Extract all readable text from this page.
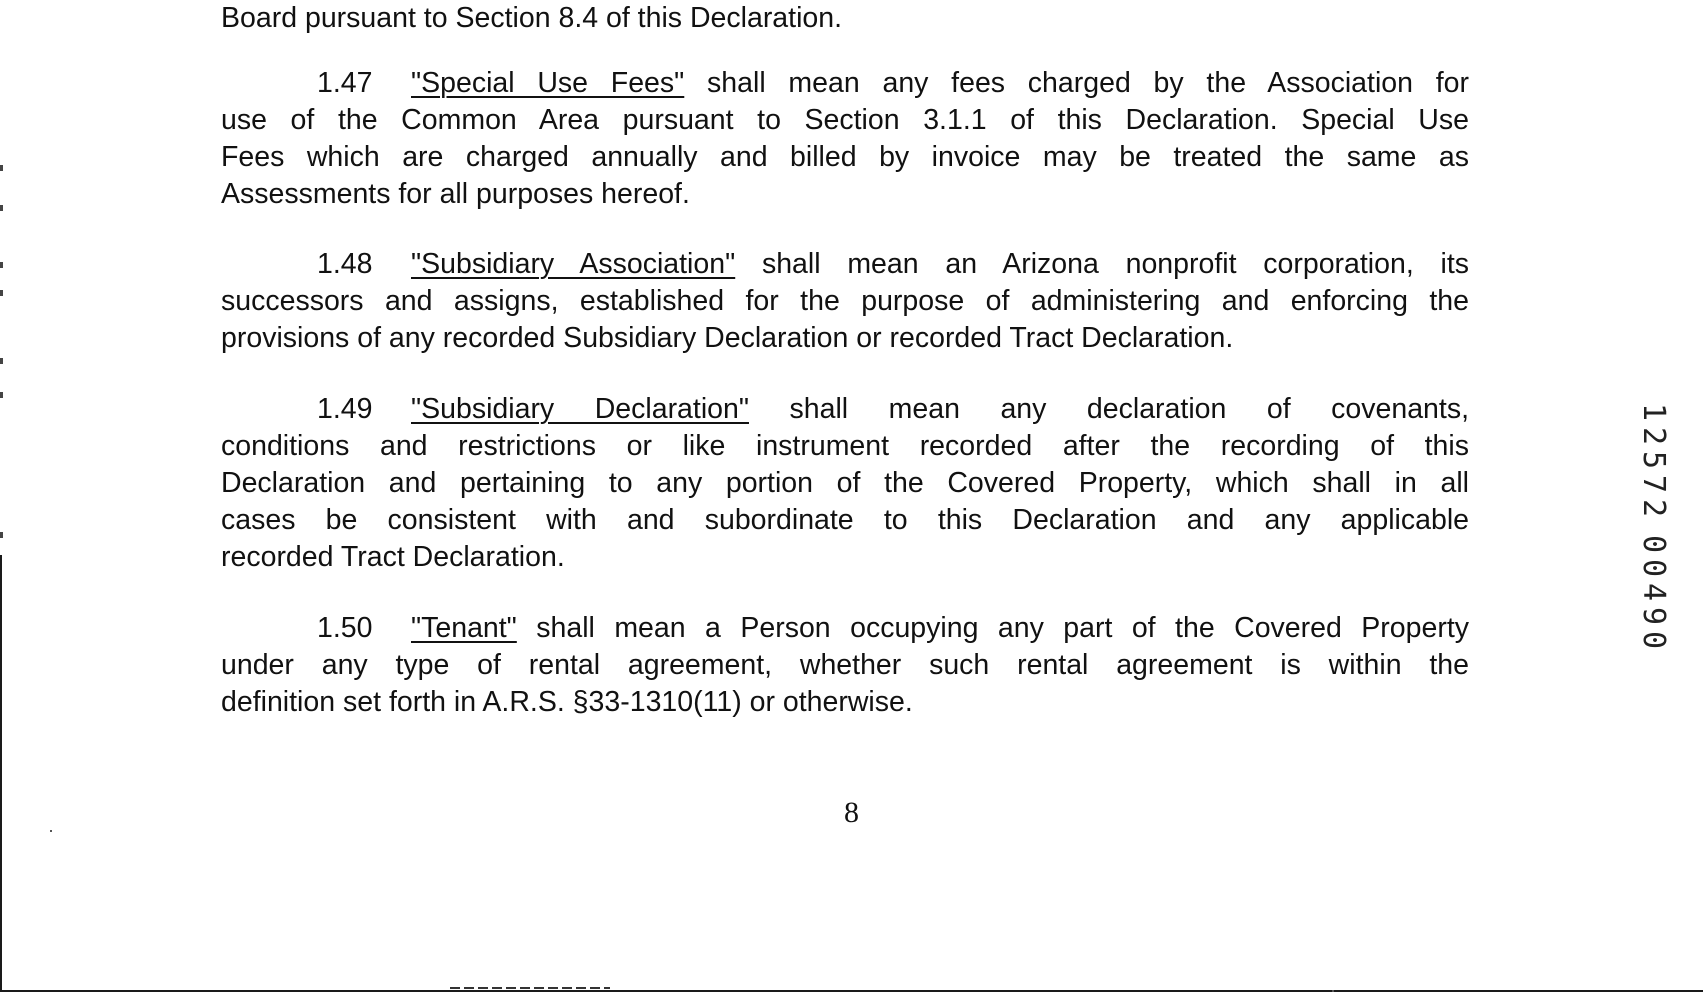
Board pursuant to Section 8.4 of this Declaration.
1.47 "Special Use Fees" shall mean any fees charged by the Association for
use of the Common Area pursuant to Section 3.1.1 of this Declaration. Special Use
Fees which are charged annually and billed by invoice may be treated the same as
Assessments for all purposes hereof.
1.48 "Subsidiary Association" shall mean an Arizona nonprofit corporation, its
successors and assigns, established for the purpose of administering and enforcing the
provisions of any recorded Subsidiary Declaration or recorded Tract Declaration.
1.49 "Subsidiary Declaration" shall mean any declaration of covenants,
conditions and restrictions or like instrument recorded after the recording of this
Declaration and pertaining to any portion of the Covered Property, which shall in all
cases be consistent with and subordinate to this Declaration and any applicable
recorded Tract Declaration.
1.50 "Tenant" shall mean a Person occupying any part of the Covered Property
under any type of rental agreement, whether such rental agreement is within the
definition set forth in A.R.S. §33-1310(11) or otherwise.
8
1
2
5
7
2
0
0
4
9
0
